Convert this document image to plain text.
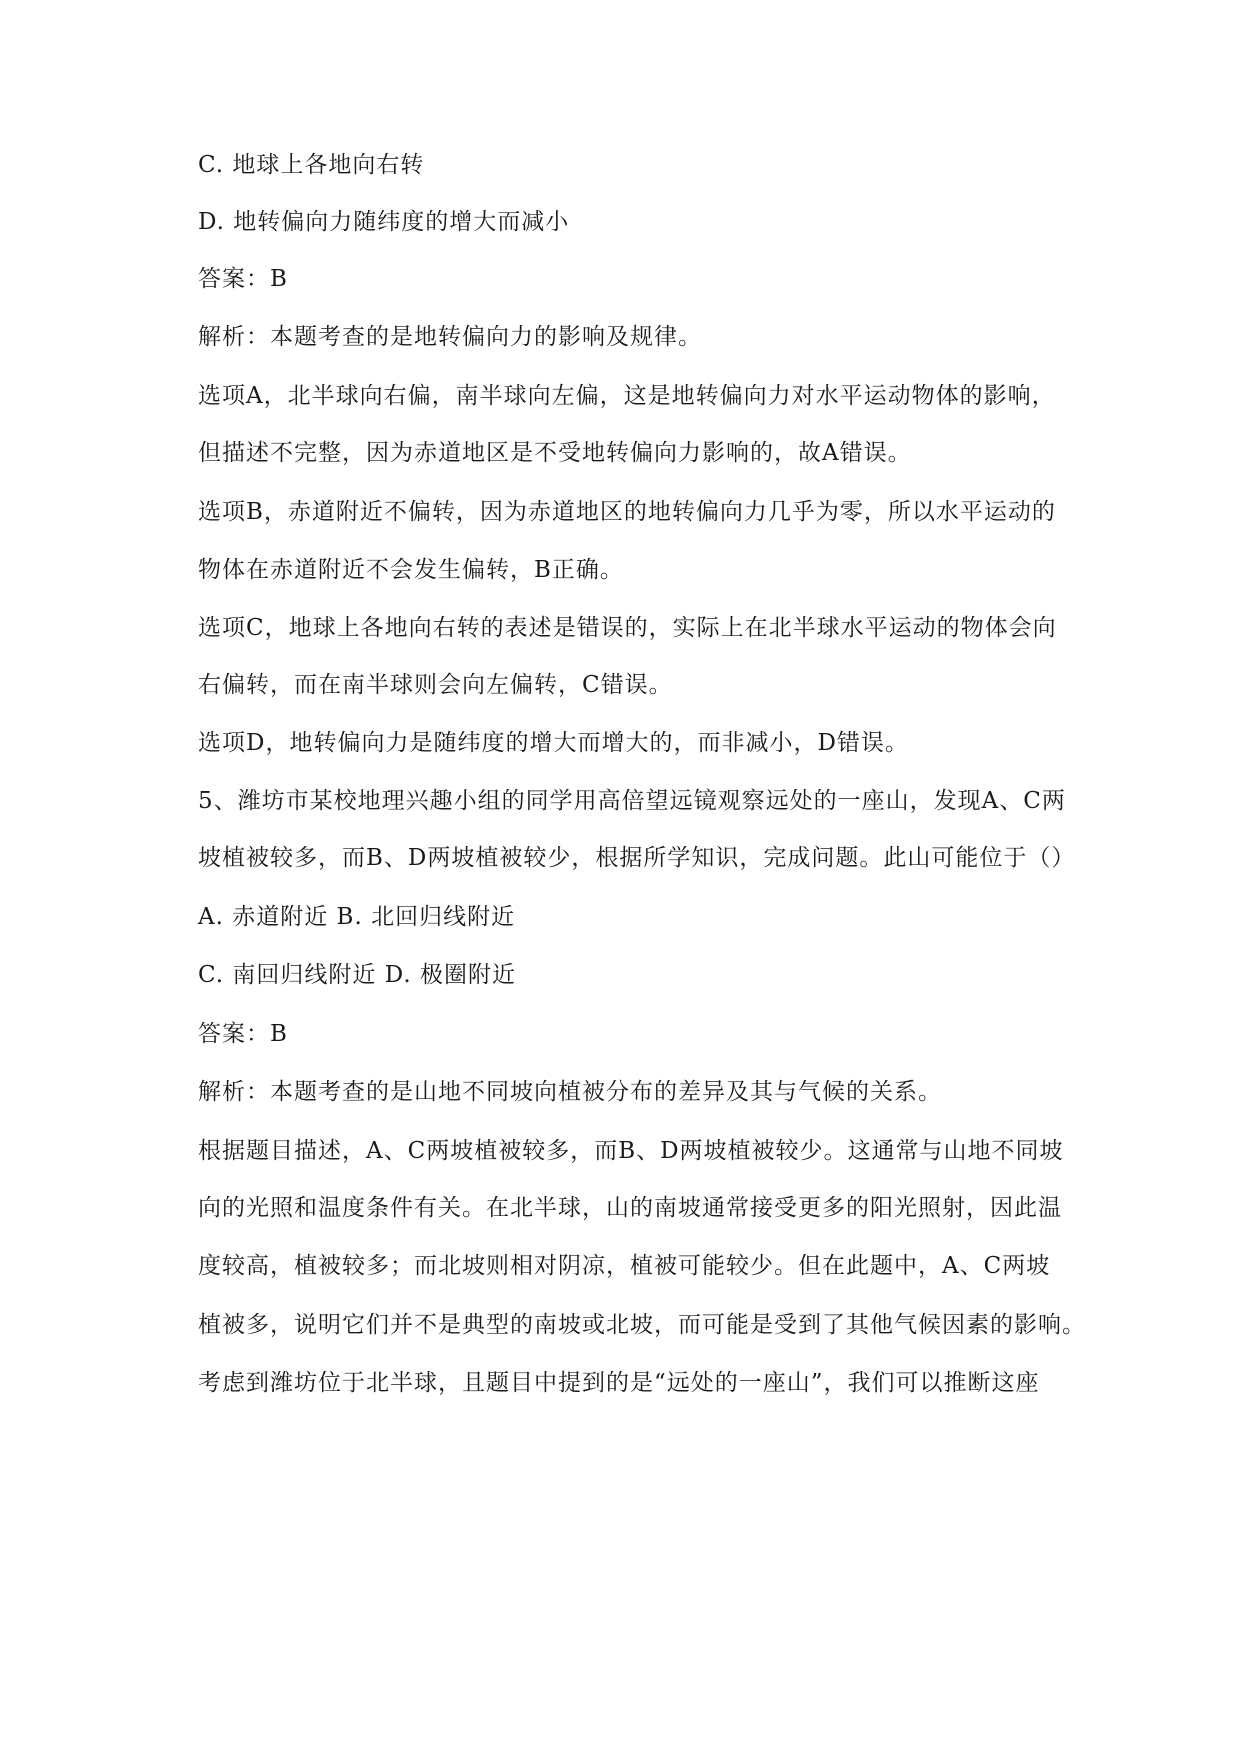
C. 地球上各地向右转
D. 地转偏向力随纬度的增大而减小
答案：B
解析：本题考查的是地转偏向力的影响及规律。
选项A，北半球向右偏，南半球向左偏，这是地转偏向力对水平运动物体的影响，
但描述不完整，因为赤道地区是不受地转偏向力影响的，故A错误。
选项B，赤道附近不偏转，因为赤道地区的地转偏向力几乎为零，所以水平运动的
物体在赤道附近不会发生偏转，B正确。
选项C，地球上各地向右转的表述是错误的，实际上在北半球水平运动的物体会向
右偏转，而在南半球则会向左偏转，C错误。
选项D，地转偏向力是随纬度的增大而增大的，而非减小，D错误。
5、潍坊市某校地理兴趣小组的同学用高倍望远镜观察远处的一座山，发现A、C两
坡植被较多，而B、D两坡植被较少，根据所学知识，完成问题。此山可能位于（）
A. 赤道附近 B. 北回归线附近
C. 南回归线附近 D. 极圈附近
答案：B
解析：本题考查的是山地不同坡向植被分布的差异及其与气候的关系。
根据题目描述，A、C两坡植被较多，而B、D两坡植被较少。这通常与山地不同坡
向的光照和温度条件有关。在北半球，山的南坡通常接受更多的阳光照射，因此温
度较高，植被较多；而北坡则相对阴凉，植被可能较少。但在此题中，A、C两坡
植被多，说明它们并不是典型的南坡或北坡，而可能是受到了其他气候因素的影响。
考虑到潍坊位于北半球，且题目中提到的是“远处的一座山”，我们可以推断这座
